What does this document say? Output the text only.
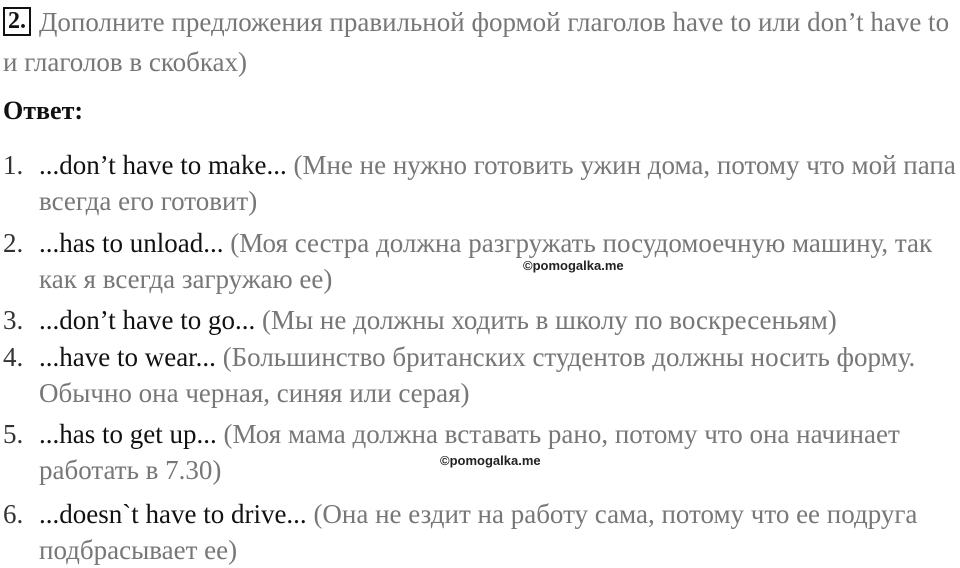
2. Дополните предложения правильной формой глаголов have to или don’t have to и глаголов в скобках)
Ответ:
1. ...don’t have to make... (Мне не нужно готовить ужин дома, потому что мой папа всегда его готовит)
2. ...has to unload... (Моя сестра должна разгружать посудомоечную машину, так как я всегда загружаю ее)
3. ...don’t have to go... (Мы не должны ходить в школу по воскресеньям)
4. ...have to wear... (Большинство британских студентов должны носить форму. Обычно она черная, синяя или серая)
5. ...has to get up... (Моя мама должна вставать рано, потому что она начинает работать в 7.30)
6. ...doesn`t have to drive... (Она не ездит на работу сама, потому что ее подруга подбрасывает ее)
©pomogalka.me
©pomogalka.me
